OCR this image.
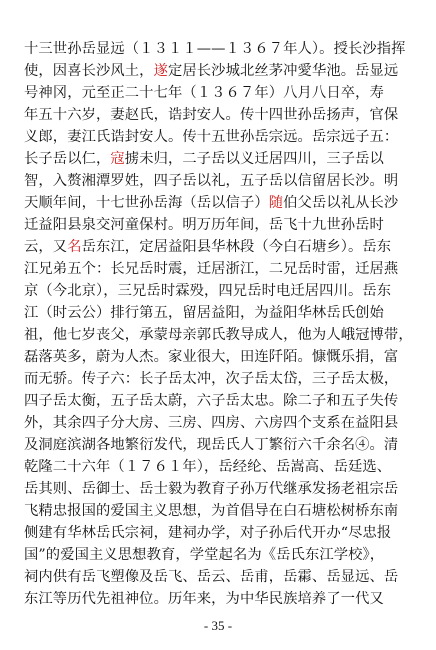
十三世孙岳显远（１３１１——１３６７年人）。授长沙指挥
使，因喜长沙风土，遂定居长沙城北丝茅冲愛华池。岳显远
号神冈，元至正二十七年（１３６７年）八月八日卒，寿
年五十六岁，妻赵氏，诰封安人。传十四世孙岳扬声，官保
义郎，妻江氏诰封安人。传十五世孙岳宗远。岳宗远子五：
长子岳以仁，寇掳未归，二子岳以义迁居四川，三子岳以
智，入赘湘潭罗姓，四子岳以礼，五子岳以信留居长沙。明
天顺年间，十七世孙岳海（岳以信子）随伯父岳以礼从长沙
迁益阳县泉交河童保村。明万历年间，岳飞十九世孙岳时
云，又名岳东江，定居益阳县华林段（今白石塘乡）。岳东
江兄弟五个：长兄岳时震，迁居浙江，二兄岳时雷，迁居燕
京（今北京），三兄岳时霖殁，四兄岳时电迁居四川。岳东
江（时云公）排行第五，留居益阳，为益阳华林岳氏创始
祖，他七岁丧父，承蒙母亲郭氏教导成人，他为人峨冠博带，
磊落英多，蔚为人杰。家业很大，田连阡陌。慷慨乐捐，富
而无骄。传子六：长子岳太冲，次子岳太岱，三子岳太极，
四子岳太衡，五子岳太蔚，六子岳太忠。除二子和五子失传
外，其余四子分大房、三房、四房、六房四个支系在益阳县
及洞庭滨湖各地繁衍发代，现岳氏人丁繁衍六千余名④。清
乾隆二十六年（１７６１年），岳经纶、岳嵩高、岳廷选、
岳其则、岳御士、岳士毅为教育子孙万代继承发扬老祖宗岳
飞精忠报国的爱国主义思想，为首倡导在白石塘松树桥东南
侧建有华林岳氏宗祠，建祠办学，对子孙后代开办“尽忠报
国”的爱国主义思想教育，学堂起名为《岳氏东江学校》，
祠内供有岳飞塑像及岳飞、岳云、岳甫，岳霦、岳显远、岳
东江等历代先祖神位。历年来，为中华民族培养了一代又
- 35 -
